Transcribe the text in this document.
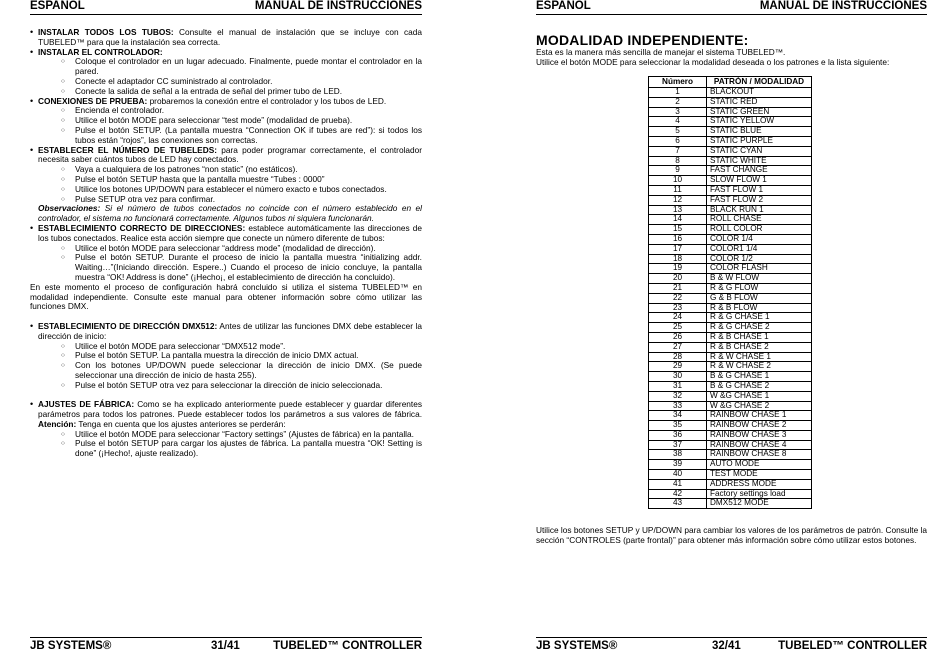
ESPAÑOL	MANUAL DE INSTRUCCIONES

• INSTALAR TODOS LOS TUBOS: Consulte el manual de instalación que se incluye con cada TUBELED™ para que la instalación sea correcta.

• INSTALAR EL CONTROLADOR:

○ Coloque el controlador en un lugar adecuado. Finalmente, puede montar el controlador en la pared.

○ Conecte el adaptador CC suministrado al controlador.

○ Conecte la salida de señal a la entrada de señal del primer tubo de LED.

• CONEXIONES DE PRUEBA: probaremos la conexión entre el controlador y los tubos de LED.

○ Encienda el controlador.

○ Utilice el botón MODE para seleccionar “test mode” (modalidad de prueba).

○ Pulse el botón SETUP. (La pantalla muestra “Connection OK if tubes are red”): si todos los tubos están “rojos”, las conexiones son correctas.

• ESTABLECER EL NÚMERO DE TUBELEDS: para poder programar correctamente, el controlador necesita saber cuántos tubos de LED hay conectados.

○ Vaya a cualquiera de los patrones “non static” (no estáticos).

○ Pulse el botón SETUP hasta que la pantalla muestre “Tubes : 0000”

○ Utilice los botones UP/DOWN para establecer el número exacto e tubos conectados.

○ Pulse SETUP otra vez para confirmar.

Observaciones: Si el número de tubos conectados no coincide con el número establecido en el controlador, el sistema no funcionará correctamente. Algunos tubos ni siquiera funcionarán.

• ESTABLECIMIENTO CORRECTO DE DIRECCIONES: establece automáticamente las direcciones de los tubos conectados. Realice esta acción siempre que conecte un número diferente de tubos:

○ Utilice el botón MODE para seleccionar “address mode” (modalidad de dirección).

○ Pulse el botón SETUP. Durante el proceso de inicio la pantalla muestra “initializing addr. Waiting…”(Iniciando dirección. Espere..) Cuando el proceso de inicio concluye, la pantalla muestra “OK! Address is done” (¡Hecho¡, el establecimiento de dirección ha concluido).

En este momento el proceso de configuración habrá concluido si utiliza el sistema TUBELED™ en modalidad independiente. Consulte este manual para obtener información sobre cómo utilizar las funciones DMX.

• ESTABLECIMIENTO DE DIRECCIÓN DMX512: Antes de utilizar las funciones DMX debe establecer la dirección de inicio:

○ Utilice el botón MODE para seleccionar “DMX512 mode”.

○ Pulse el botón SETUP. La pantalla muestra la dirección de inicio DMX actual.

○ Con los botones UP/DOWN puede seleccionar la dirección de inicio DMX. (Se puede seleccionar una dirección de inicio de hasta 255).

○ Pulse el botón SETUP otra vez para seleccionar la dirección de inicio seleccionada.

• AJUSTES DE FÁBRICA: Como se ha explicado anteriormente puede establecer y guardar diferentes parámetros para todos los patrones. Puede establecer todos los parámetros a sus valores de fábrica. Atención: Tenga en cuenta que los ajustes anteriores se perderán:

○ Utilice el botón MODE para seleccionar “Factory settings” (Ajustes de fábrica) en la pantalla.

○ Pulse el botón SETUP para cargar los ajustes de fábrica. La pantalla muestra “OK! Setting is done” (¡Hecho!, ajuste realizado).

JB SYSTEMS®	31/41	TUBELED™ CONTROLLER
ESPAÑOL	MANUAL DE INSTRUCCIONES
MODALIDAD INDEPENDIENTE:

Esta es la manera más sencilla de manejar el sistema TUBELED™.

Utilice el botón MODE para seleccionar la modalidad deseada o los patrones e la lista siguiente:

Número	PATRÓN / MODALIDAD
1	BLACKOUT
2	STATIC RED
3	STATIC GREEN
4	STATIC YELLOW
5	STATIC BLUE
6	STATIC PURPLE
7	STATIC CYAN
8	STATIC WHITE
9	FAST CHANGE
10	SLOW FLOW 1
11	FAST FLOW 1
12	FAST FLOW 2
13	BLACK RUN 1
14	ROLL CHASE
15	ROLL COLOR
16	COLOR 1/4
17	COLOR1 1/4
18	COLOR 1/2
19	COLOR FLASH
20	B & W FLOW
21	R & G FLOW
22	G & B FLOW
23	R & B FLOW
24	R & G CHASE 1
25	R & G CHASE 2
26	R & B CHASE 1
27	R & B CHASE 2
28	R & W CHASE 1
29	R & W CHASE 2
30	B & G CHASE 1
31	B & G CHASE 2
32	W &G CHASE 1
33	W &G CHASE 2
34	RAINBOW CHASE 1
35	RAINBOW CHASE 2
36	RAINBOW CHASE 3
37	RAINBOW CHASE 4
38	RAINBOW CHASE 8
39	AUTO MODE
40	TEST MODE
41	ADDRESS MODE
42	Factory settings load
43	DMX512 MODE

Utilice los botones SETUP y UP/DOWN para cambiar los valores de los parámetros de patrón. Consulte la sección “CONTROLES (parte frontal)” para obtener más información sobre cómo utilizar estos botones.

JB SYSTEMS®	32/41	TUBELED™ CONTROLLER
